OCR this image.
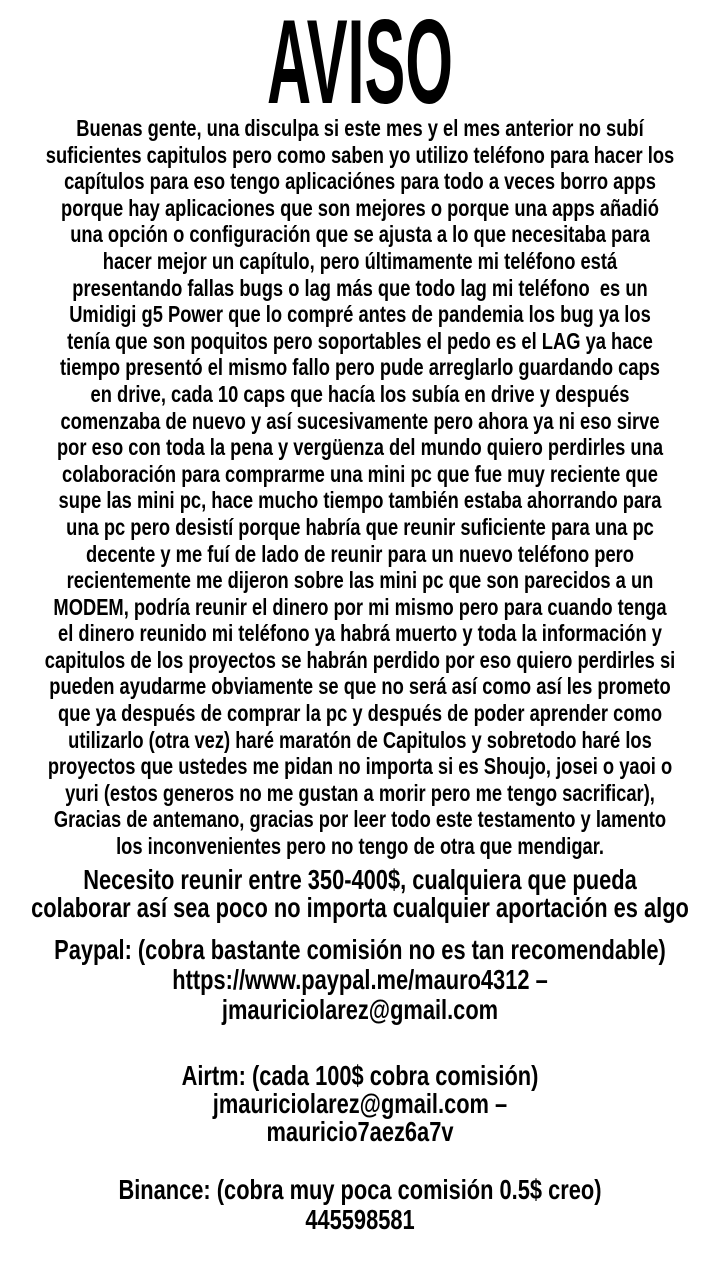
AVISO
Buenas gente, una disculpa si este mes y el mes anterior no subí
suficientes capitulos pero como saben yo utilizo teléfono para hacer los
capítulos para eso tengo aplicaciónes para todo a veces borro apps
porque hay aplicaciones que son mejores o porque una apps añadió
una opción o configuración que se ajusta a lo que necesitaba para
hacer mejor un capítulo, pero últimamente mi teléfono está
presentando fallas bugs o lag más que todo lag mi teléfono  es un
Umidigi g5 Power que lo compré antes de pandemia los bug ya los
tenía que son poquitos pero soportables el pedo es el LAG ya hace
tiempo presentó el mismo fallo pero pude arreglarlo guardando caps
en drive, cada 10 caps que hacía los subía en drive y después
comenzaba de nuevo y así sucesivamente pero ahora ya ni eso sirve
por eso con toda la pena y vergüenza del mundo quiero perdirles una
colaboración para comprarme una mini pc que fue muy reciente que
supe las mini pc, hace mucho tiempo también estaba ahorrando para
una pc pero desistí porque habría que reunir suficiente para una pc
decente y me fuí de lado de reunir para un nuevo teléfono pero
recientemente me dijeron sobre las mini pc que son parecidos a un
MODEM, podría reunir el dinero por mi mismo pero para cuando tenga
el dinero reunido mi teléfono ya habrá muerto y toda la información y
capitulos de los proyectos se habrán perdido por eso quiero perdirles si
pueden ayudarme obviamente se que no será así como así les prometo
que ya después de comprar la pc y después de poder aprender como
utilizarlo (otra vez) haré maratón de Capitulos y sobretodo haré los
proyectos que ustedes me pidan no importa si es Shoujo, josei o yaoi o
yuri (estos generos no me gustan a morir pero me tengo sacrificar),
Gracias de antemano, gracias por leer todo este testamento y lamento
los inconvenientes pero no tengo de otra que mendigar.
Necesito reunir entre 350-400$, cualquiera que pueda
colaborar así sea poco no importa cualquier aportación es algo
Paypal: (cobra bastante comisión no es tan recomendable)
https://www.paypal.me/mauro4312 –
jmauriciolarez@gmail.com
Airtm: (cada 100$ cobra comisión)
jmauriciolarez@gmail.com –
mauricio7aez6a7v
Binance: (cobra muy poca comisión 0.5$ creo)
445598581
